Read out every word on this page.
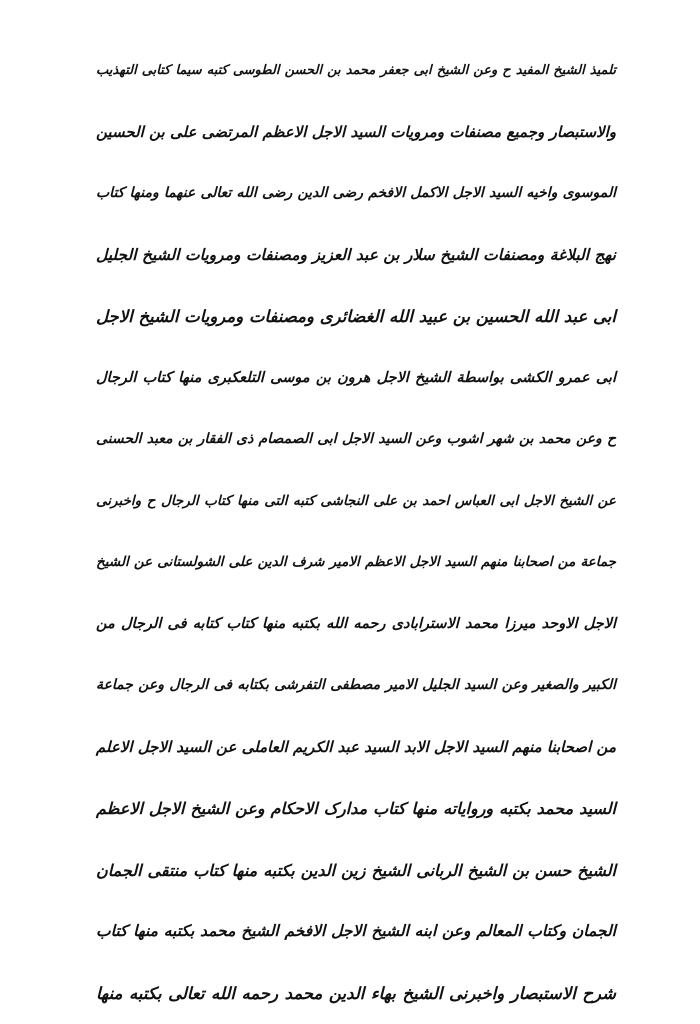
تلمیذ الشیخ المفید ح وعن الشیخ ابی جعفر محمد بن الحسن الطوسی کتبه سیما کتابی التهذیب
والاستبصار وجمیع مصنفات ومرویات السید الاجل الاعظم المرتضی علی بن الحسین
الموسوی واخیه السید الاجل الاکمل الافخم رضی الدین رضی الله تعالی عنهما ومنها کتاب
نهج البلاغة ومصنفات الشیخ سلار بن عبد العزیز ومصنفات ومرویات الشیخ الجلیل
ابی عبد الله الحسین بن عبید الله الغضائری ومصنفات ومرویات الشیخ الاجل
ابی عمرو الکشی بواسطة الشیخ الاجل هرون بن موسی التلعکبری منها کتاب الرجال
ح وعن محمد بن شهر اشوب وعن السید الاجل ابی الصمصام ذی الفقار بن معبد الحسنی
عن الشیخ الاجل ابی العباس احمد بن علی النجاشی کتبه التی منها کتاب الرجال ح واخبرنی
جماعة من اصحابنا منهم السید الاجل الاعظم الامیر شرف الدین علی الشولستانی عن الشیخ
الاجل الاوحد میرزا محمد الاسترابادی رحمه الله بکتبه منها کتاب کتابه فی الرجال من
الکبیر والصغیر وعن السید الجلیل الامیر مصطفی التفرشی بکتابه فی الرجال وعن جماعة
من اصحابنا منهم السید الاجل الابد السید عبد الکریم العاملی عن السید الاجل الاعلم
السید محمد بکتبه وروایاته منها کتاب مدارک الاحکام وعن الشیخ الاجل الاعظم
الشیخ حسن بن الشیخ الربانی الشیخ زین الدین بکتبه منها کتاب منتقی الجمان
الجمان وکتاب المعالم وعن ابنه الشیخ الاجل الافخم الشیخ محمد بکتبه منها کتاب
شرح الاستبصار واخبرنی الشیخ بهاء الدین محمد رحمه الله تعالی بکتبه منها
